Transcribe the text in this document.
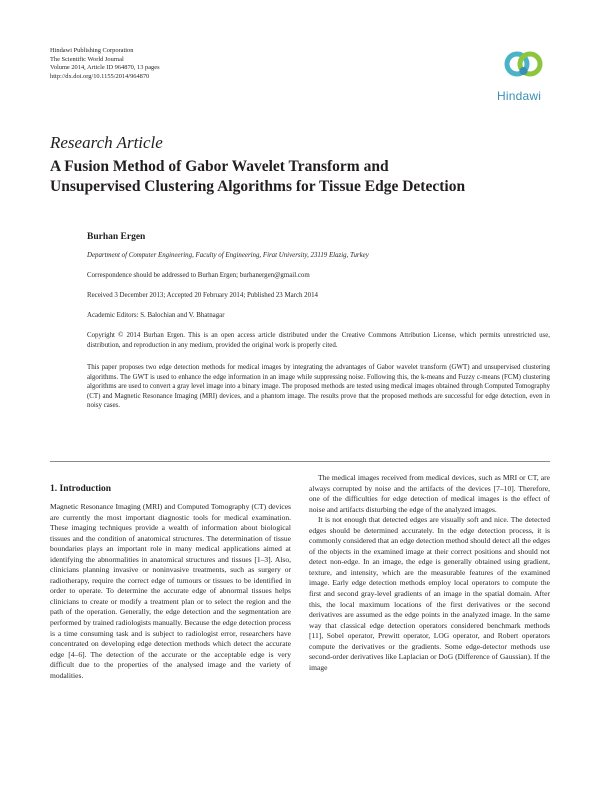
Hindawi Publishing Corporation
The Scientific World Journal
Volume 2014, Article ID 964870, 13 pages
http://dx.doi.org/10.1155/2014/964870
Hindawi
Research Article
A Fusion Method of Gabor Wavelet Transform and
Unsupervised Clustering Algorithms for Tissue Edge Detection
Burhan Ergen
Department of Computer Engineering, Faculty of Engineering, Firat University, 23119 Elazig, Turkey
Correspondence should be addressed to Burhan Ergen; burhanergen@gmail.com
Received 3 December 2013; Accepted 20 February 2014; Published 23 March 2014
Academic Editors: S. Balochian and V. Bhatnagar
Copyright © 2014 Burhan Ergen. This is an open access article distributed under the Creative Commons Attribution License, which permits unrestricted use, distribution, and reproduction in any medium, provided the original work is properly cited.
This paper proposes two edge detection methods for medical images by integrating the advantages of Gabor wavelet transform (GWT) and unsupervised clustering algorithms. The GWT is used to enhance the edge information in an image while suppressing noise. Following this, the k-means and Fuzzy c-means (FCM) clustering algorithms are used to convert a gray level image into a binary image. The proposed methods are tested using medical images obtained through Computed Tomography (CT) and Magnetic Resonance Imaging (MRI) devices, and a phantom image. The results prove that the proposed methods are successful for edge detection, even in noisy cases.
1. Introduction

Magnetic Resonance Imaging (MRI) and Computed Tomography (CT) devices are currently the most important diagnostic tools for medical examination. These imaging techniques provide a wealth of information about biological tissues and the condition of anatomical structures. The determination of tissue boundaries plays an important role in many medical applications aimed at identifying the abnormalities in anatomical structures and tissues [1–3]. Also, clinicians planning invasive or noninvasive treatments, such as surgery or radiotherapy, require the correct edge of tumours or tissues to be identified in order to operate. To determine the accurate edge of abnormal tissues helps clinicians to create or modify a treatment plan or to select the region and the path of the operation. Generally, the edge detection and the segmentation are performed by trained radiologists manually. Because the edge detection process is a time consuming task and is subject to radiologist error, researchers have concentrated on developing edge detection methods which detect the accurate edge [4–6]. The detection of the accurate or the acceptable edge is very difficult due to the properties of the analysed image and the variety of modalities.

The medical images received from medical devices, such as MRI or CT, are always corrupted by noise and the artifacts of the devices [7–10]. Therefore, one of the difficulties for edge detection of medical images is the effect of noise and artifacts disturbing the edge of the analyzed images.

It is not enough that detected edges are visually soft and nice. The detected edges should be determined accurately. In the edge detection process, it is commonly considered that an edge detection method should detect all the edges of the objects in the examined image at their correct positions and should not detect non-edge. In an image, the edge is generally obtained using gradient, texture, and intensity, which are the measurable features of the examined image. Early edge detection methods employ local operators to compute the first and second gray-level gradients of an image in the spatial domain. After this, the local maximum locations of the first derivatives or the second derivatives are assumed as the edge points in the analyzed image. In the same way that classical edge detection operators considered benchmark methods [11], Sobel operator, Prewitt operator, LOG operator, and Robert operators compute the derivatives or the gradients. Some edge-detector methods use second-order derivatives like Laplacian or DoG (Difference of Gaussian). If the image
